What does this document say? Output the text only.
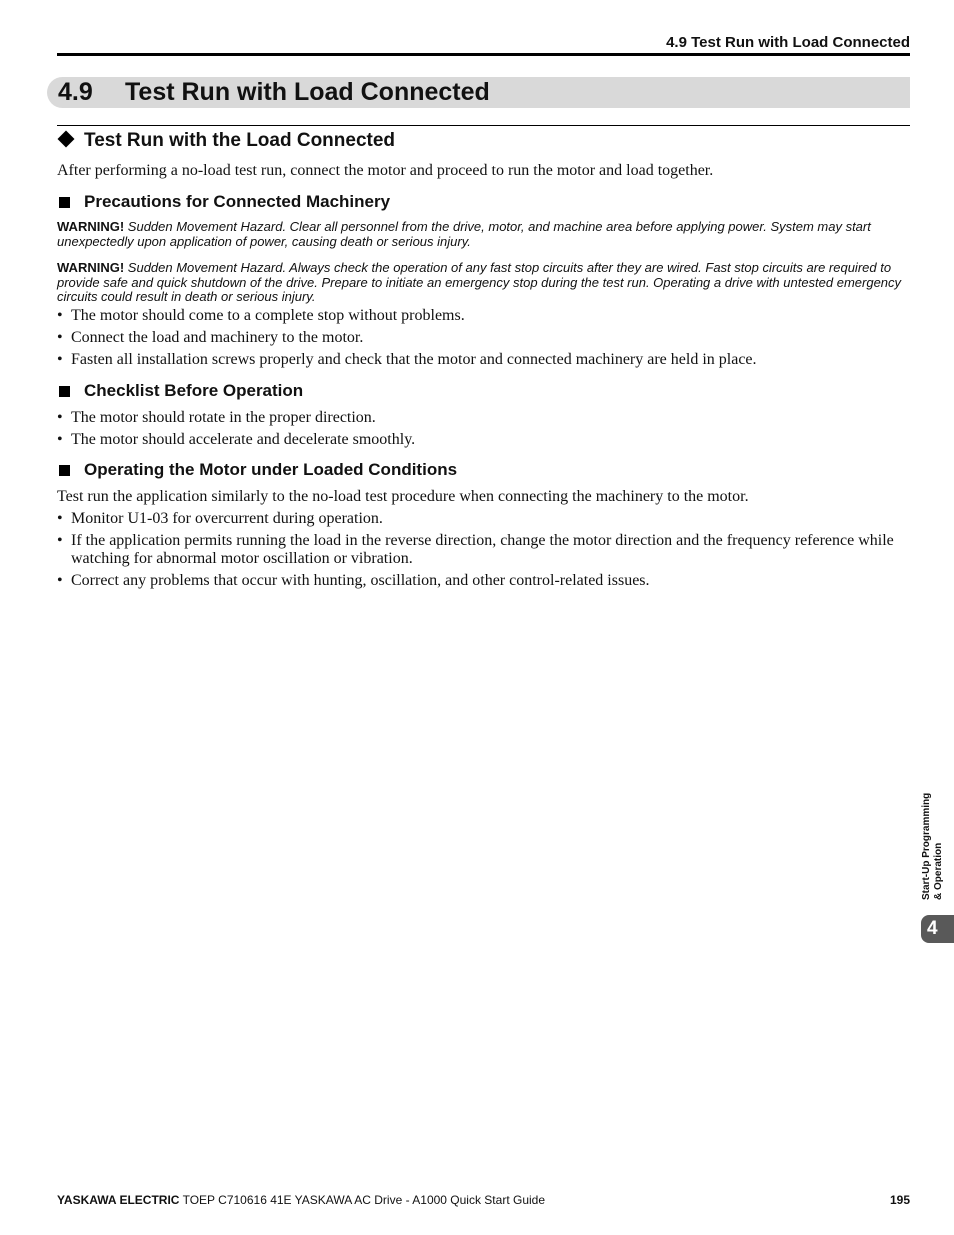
4.9 Test Run with Load Connected
4.9 Test Run with Load Connected
Test Run with the Load Connected

After performing a no-load test run, connect the motor and proceed to run the motor and load together.

Precautions for Connected Machinery

WARNING! Sudden Movement Hazard. Clear all personnel from the drive, motor, and machine area before applying power. System may start unexpectedly upon application of power, causing death or serious injury.

WARNING! Sudden Movement Hazard. Always check the operation of any fast stop circuits after they are wired. Fast stop circuits are required to provide safe and quick shutdown of the drive. Prepare to initiate an emergency stop during the test run. Operating a drive with untested emergency circuits could result in death or serious injury.

• The motor should come to a complete stop without problems.
• Connect the load and machinery to the motor.
• Fasten all installation screws properly and check that the motor and connected machinery are held in place.
Checklist Before Operation
• The motor should rotate in the proper direction.
• The motor should accelerate and decelerate smoothly.
Operating the Motor under Loaded Conditions

Test run the application similarly to the no-load test procedure when connecting the machinery to the motor.

• Monitor U1-03 for overcurrent during operation.
• If the application permits running the load in the reverse direction, change the motor direction and the frequency reference while watching for abnormal motor oscillation or vibration.
• Correct any problems that occur with hunting, oscillation, and other control-related issues.
Start-Up Programming & Operation
4
YASKAWA ELECTRIC TOEP C710616 41E YASKAWA AC Drive - A1000 Quick Start Guide	195
